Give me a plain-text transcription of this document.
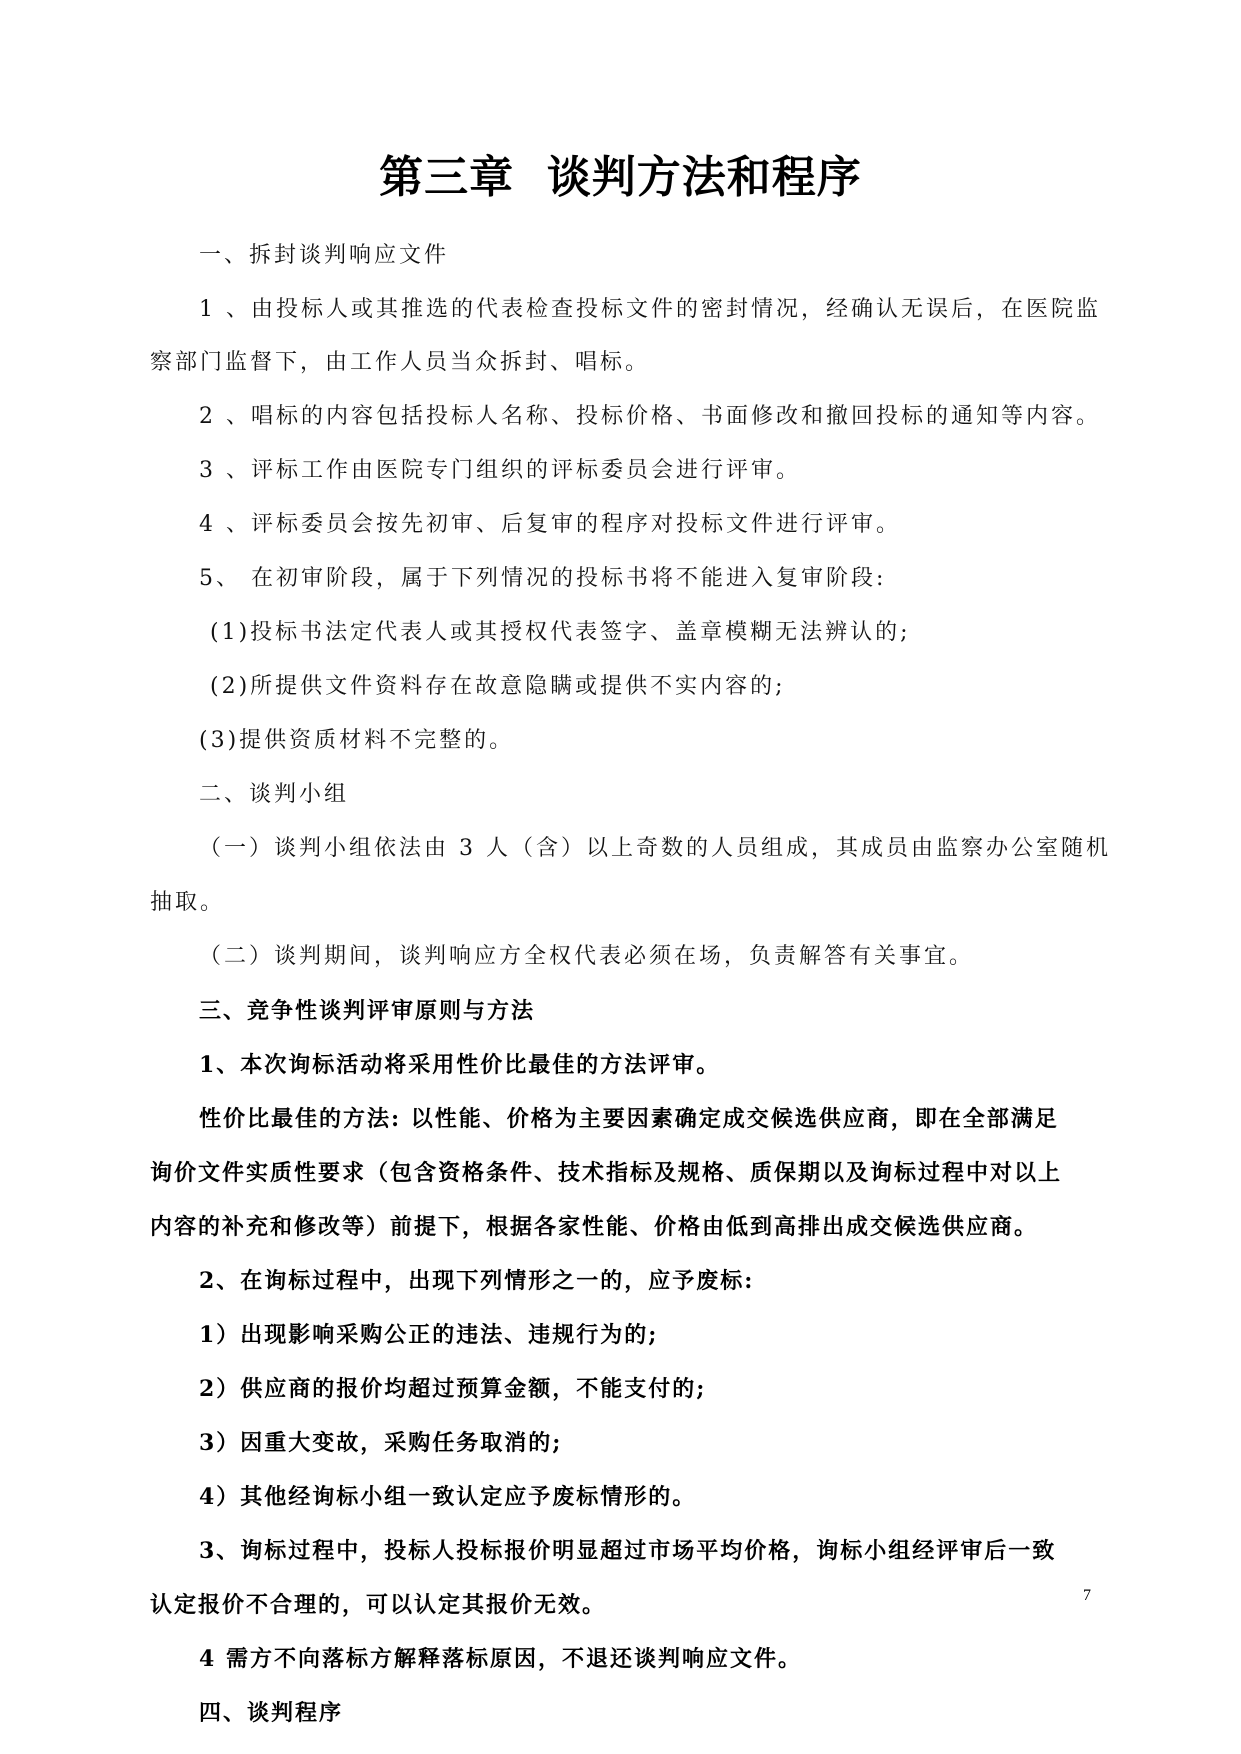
第三章  谈判方法和程序
一、拆封谈判响应文件
1 、由投标人或其推选的代表检查投标文件的密封情况，经确认无误后，在医院监
察部门监督下，由工作人员当众拆封、唱标。
2 、唱标的内容包括投标人名称、投标价格、书面修改和撤回投标的通知等内容。
3 、评标工作由医院专门组织的评标委员会进行评审。
4 、评标委员会按先初审、后复审的程序对投标文件进行评审。
5、 在初审阶段，属于下列情况的投标书将不能进入复审阶段:
(1)投标书法定代表人或其授权代表签字、盖章模糊无法辨认的;
(2)所提供文件资料存在故意隐瞒或提供不实内容的;
(3)提供资质材料不完整的。
二、谈判小组
（一）谈判小组依法由 3 人（含）以上奇数的人员组成，其成员由监察办公室随机
抽取。
（二）谈判期间，谈判响应方全权代表必须在场，负责解答有关事宜。
三、竞争性谈判评审原则与方法
1、本次询标活动将采用性价比最佳的方法评审。
性价比最佳的方法: 以性能、价格为主要因素确定成交候选供应商，即在全部满足
询价文件实质性要求（包含资格条件、技术指标及规格、质保期以及询标过程中对以上
内容的补充和修改等）前提下，根据各家性能、价格由低到高排出成交候选供应商。
2、在询标过程中，出现下列情形之一的，应予废标:
1）出现影响采购公正的违法、违规行为的;
2）供应商的报价均超过预算金额，不能支付的;
3）因重大变故，采购任务取消的;
4）其他经询标小组一致认定应予废标情形的。
3、询标过程中，投标人投标报价明显超过市场平均价格，询标小组经评审后一致
认定报价不合理的，可以认定其报价无效。
4 需方不向落标方解释落标原因，不退还谈判响应文件。
四、谈判程序
7
